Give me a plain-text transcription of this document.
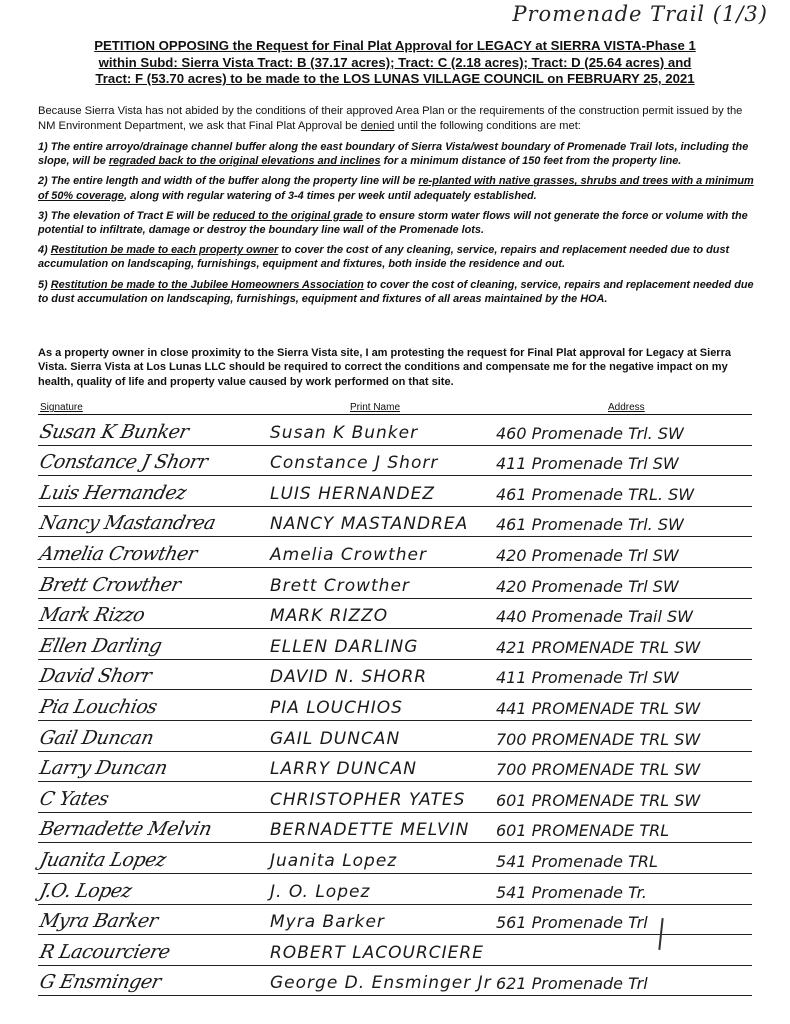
Promenade Trail (1/3)
PETITION OPPOSING the Request for Final Plat Approval for LEGACY at SIERRA VISTA-Phase 1
within Subd: Sierra Vista Tract: B (37.17 acres); Tract: C (2.18 acres); Tract: D (25.64 acres) and
Tract: F (53.70 acres) to be made to the LOS LUNAS VILLAGE COUNCIL on FEBRUARY 25, 2021
Because Sierra Vista has not abided by the conditions of their approved Area Plan or the requirements of the construction permit issued by the NM Environment Department, we ask that Final Plat Approval be denied until the following conditions are met:
1) The entire arroyo/drainage channel buffer along the east boundary of Sierra Vista/west boundary of Promenade Trail lots, including the slope, will be regraded back to the original elevations and inclines for a minimum distance of 150 feet from the property line.
2) The entire length and width of the buffer along the property line will be re-planted with native grasses, shrubs and trees with a minimum of 50% coverage, along with regular watering of 3-4 times per week until adequately established.
3) The elevation of Tract E will be reduced to the original grade to ensure storm water flows will not generate the force or volume with the potential to infiltrate, damage or destroy the boundary line wall of the Promenade lots.
4) Restitution be made to each property owner to cover the cost of any cleaning, service, repairs and replacement needed due to dust accumulation on landscaping, furnishings, equipment and fixtures, both inside the residence and out.
5) Restitution be made to the Jubilee Homeowners Association to cover the cost of cleaning, service, repairs and replacement needed due to dust accumulation on landscaping, furnishings, equipment and fixtures of all areas maintained by the HOA.
As a property owner in close proximity to the Sierra Vista site, I am protesting the request for Final Plat approval for Legacy at Sierra Vista. Sierra Vista at Los Lunas LLC should be required to correct the conditions and compensate me for the negative impact on my health, quality of life and property value caused by work performed on that site.
Signature	Print Name	Address
Susan K Bunker	Susan K Bunker	460 Promenade Trl. SW
Constance J Shorr	Constance J Shorr	411 Promenade Trl SW
Luis Hernandez	LUIS HERNANDEZ	461 Promenade TRL. SW
Nancy Mastandrea	NANCY MASTANDREA 461 Promenade Trl. SW
Amelia Crowther	Amelia Crowther	420 Promenade Trl SW
Brett Crowther	Brett Crowther	420 Promenade Trl SW
Mark Rizzo	MARK RIZZO	440 Promenade Trail SW
Ellen Darling	ELLEN DARLING	421 PROMENADE TRL SW
David Shorr	DAVID N. SHORR	411 Promenade Trl SW
Pia Louchios	PIA LOUCHIOS	441 PROMENADE TRL SW
Gail Duncan	GAIL DUNCAN	700 PROMENADE TRL SW
Larry Duncan	LARRY DUNCAN	700 PROMENADE TRL SW
C Yates	CHRISTOPHER YATES 601 PROMENADE TRL SW
Bernadette Melvin	BERNADETTE MELVIN 601 PROMENADE TRL
Juanita Lopez	Juanita Lopez	541 Promenade TRL
J.O. Lopez	J. O. Lopez	541 Promenade Tr.
Myra Barker	Myra Barker	561 Promenade Trl
R Lacourciere	ROBERT LACOURCIERE
G Ensminger	George D. Ensminger Jr 621 Promenade Trl
